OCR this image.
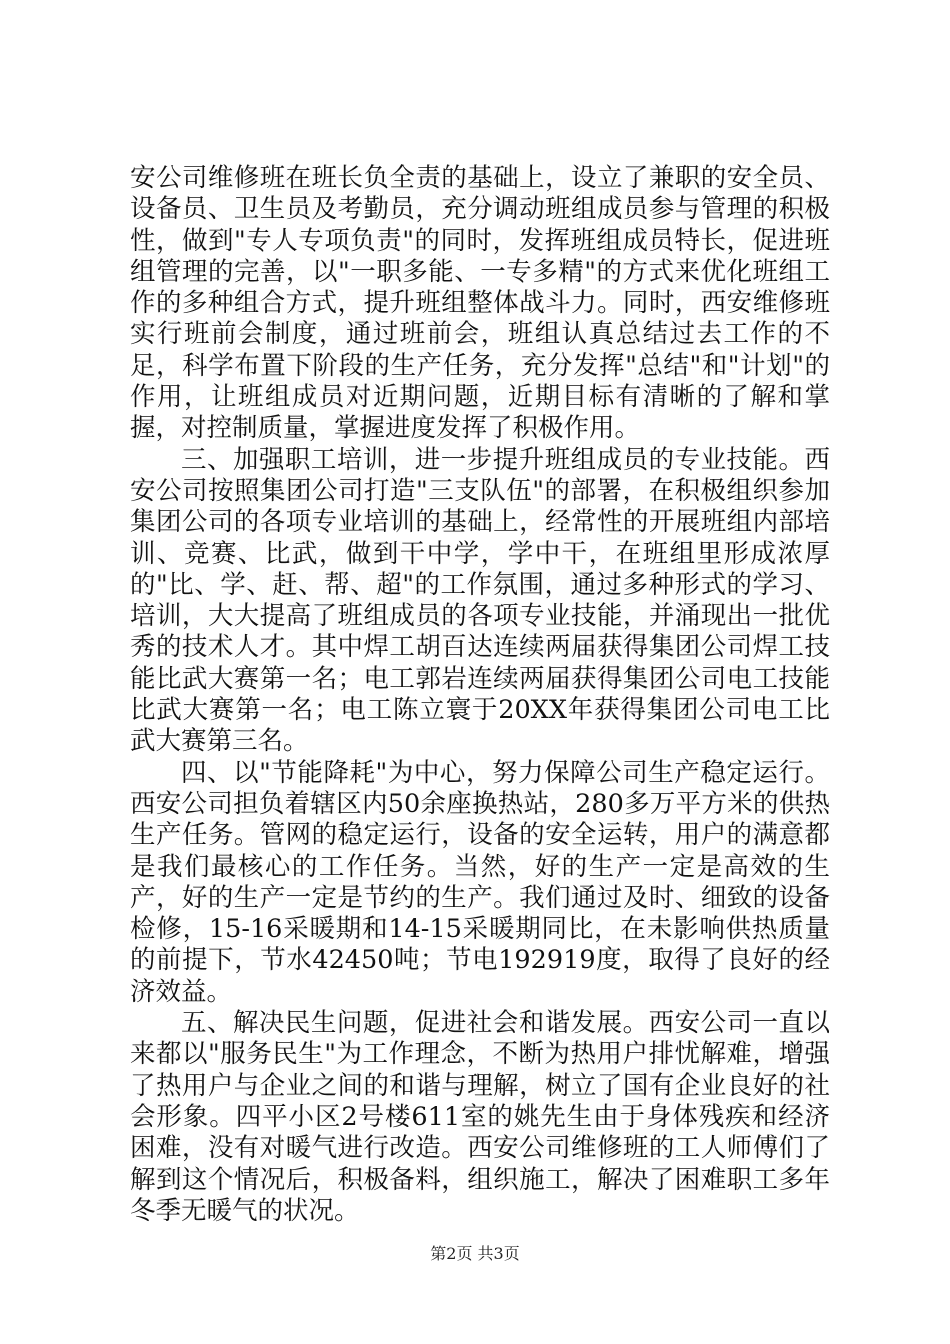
安公司维修班在班长负全责的基础上，设立了兼职的安全员、设备员、卫生员及考勤员，充分调动班组成员参与管理的积极性，做到"专人专项负责"的同时，发挥班组成员特长，促进班组管理的完善，以"一职多能、一专多精"的方式来优化班组工作的多种组合方式，提升班组整体战斗力。同时，西安维修班实行班前会制度，通过班前会，班组认真总结过去工作的不足，科学布置下阶段的生产任务，充分发挥"总结"和"计划"的作用，让班组成员对近期问题，近期目标有清晰的了解和掌握，对控制质量，掌握进度发挥了积极作用。

三、加强职工培训，进一步提升班组成员的专业技能。西安公司按照集团公司打造"三支队伍"的部署，在积极组织参加集团公司的各项专业培训的基础上，经常性的开展班组内部培训、竞赛、比武，做到干中学，学中干，在班组里形成浓厚的"比、学、赶、帮、超"的工作氛围，通过多种形式的学习、培训，大大提高了班组成员的各项专业技能，并涌现出一批优秀的技术人才。其中焊工胡百达连续两届获得集团公司焊工技能比武大赛第一名；电工郭岩连续两届获得集团公司电工技能比武大赛第一名；电工陈立寰于20XX年获得集团公司电工比武大赛第三名。

四、以"节能降耗"为中心，努力保障公司生产稳定运行。西安公司担负着辖区内50余座换热站，280多万平方米的供热生产任务。管网的稳定运行，设备的安全运转，用户的满意都是我们最核心的工作任务。当然，好的生产一定是高效的生产，好的生产一定是节约的生产。我们通过及时、细致的设备检修，15-16采暖期和14-15采暖期同比，在未影响供热质量的前提下，节水42450吨；节电192919度，取得了良好的经济效益。

五、解决民生问题，促进社会和谐发展。西安公司一直以来都以"服务民生"为工作理念，不断为热用户排忧解难，增强了热用户与企业之间的和谐与理解，树立了国有企业良好的社会形象。四平小区2号楼611室的姚先生由于身体残疾和经济困难，没有对暖气进行改造。西安公司维修班的工人师傅们了解到这个情况后，积极备料，组织施工，解决了困难职工多年冬季无暖气的状况。

第2页 共3页
